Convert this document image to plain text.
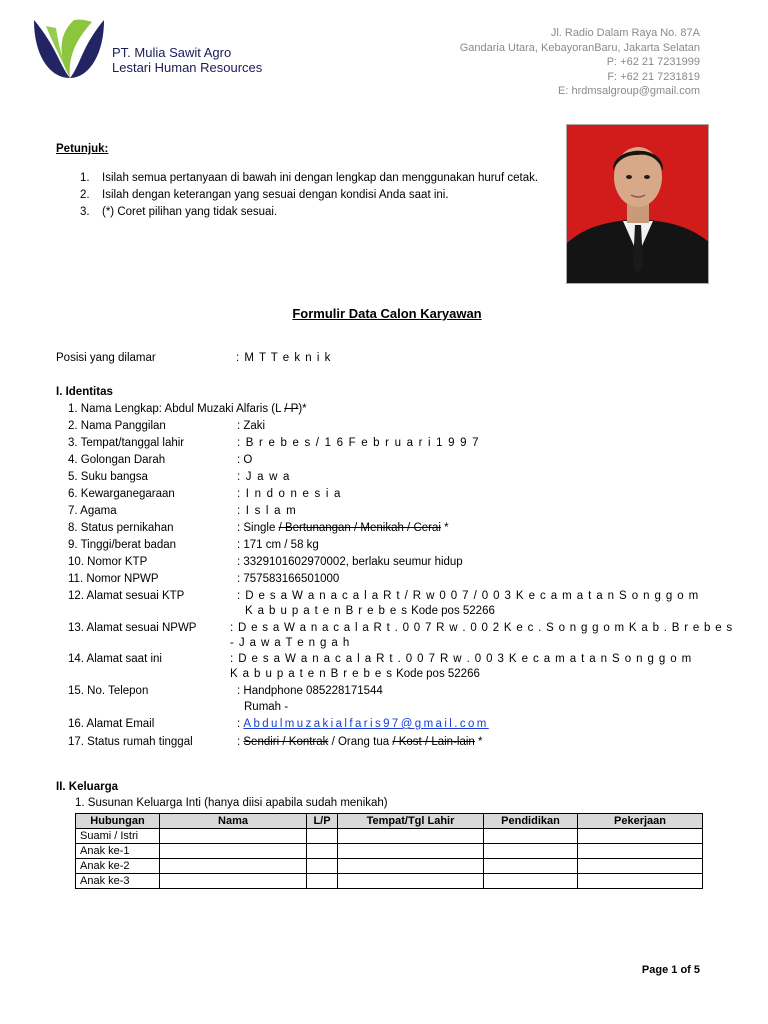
PT. Mulia Sawit Agro
Lestari Human Resources
Jl. Radio Dalam Raya No. 87A
Gandaria Utara, KebayoranBaru, Jakarta Selatan
P: +62 21 7231999
F: +62 21 7231819
E: hrdmsalgroup@gmail.com
Petunjuk:
1.	Isilah semua pertanyaan di bawah ini dengan lengkap dan menggunakan huruf cetak.
2.	Isilah dengan keterangan yang sesuai dengan kondisi Anda saat ini.
3.	(*) Coret pilihan yang tidak sesuai.
Formulir Data Calon Karyawan
Posisi yang dilamar	: M T T e k n i k
I. Identitas
1. Nama Lengkap: Abdul Muzaki Alfaris (L / P)*
2. Nama Panggilan	: Zaki
3. Tempat/tanggal lahir	: B r e b e s / 1 6 F e b r u a r i 1 9 9 7
4. Golongan Darah	: O
5. Suku bangsa	: J a w a
6. Kewarganegaraan	: I n d o n e s i a
7. Agama	: I s l a m
8. Status pernikahan	: Single / Bertunangan / Menikah / Cerai *
9. Tinggi/berat badan	: 171 cm / 58 kg
10. Nomor KTP	: 3329101602970002, berlaku seumur hidup
11. Nomor NPWP	: 757583166501000
12. Alamat sesuai KTP	: D e s a W a n a c a l a R t / R w 0 0 7 / 0 0 3 K e c a m a t a n S o n g g o m
K a b u p a t e n B r e b e s Kode pos 52266
13. Alamat sesuai NPWP	: D e s a W a n a c a l a R t . 0 0 7 R w . 0 0 2 K e c . S o n g g o m K a b . B r e b e s
- J a w a T e n g a h
14. Alamat saat ini	: D e s a W a n a c a l a R t . 0 0 7 R w . 0 0 3 K e c a m a t a n S o n g g o m
K a b u p a t e n B r e b e s Kode pos 52266
15. No. Telepon	: Handphone 085228171544
Rumah -
16. Alamat Email	: Abdulmuzakialfaris97@gmail.com
17. Status rumah tinggal	: Sendiri / Kontrak / Orang tua / Kost / Lain-lain *
II. Keluarga
1. Susunan Keluarga Inti (hanya diisi apabila sudah menikah)
Hubungan	Nama	L/P	Tempat/Tgl Lahir	Pendidikan	Pekerjaan
Suami / Istri					
Anak ke-1					
Anak ke-2					
Anak ke-3					
Page 1 of 5
